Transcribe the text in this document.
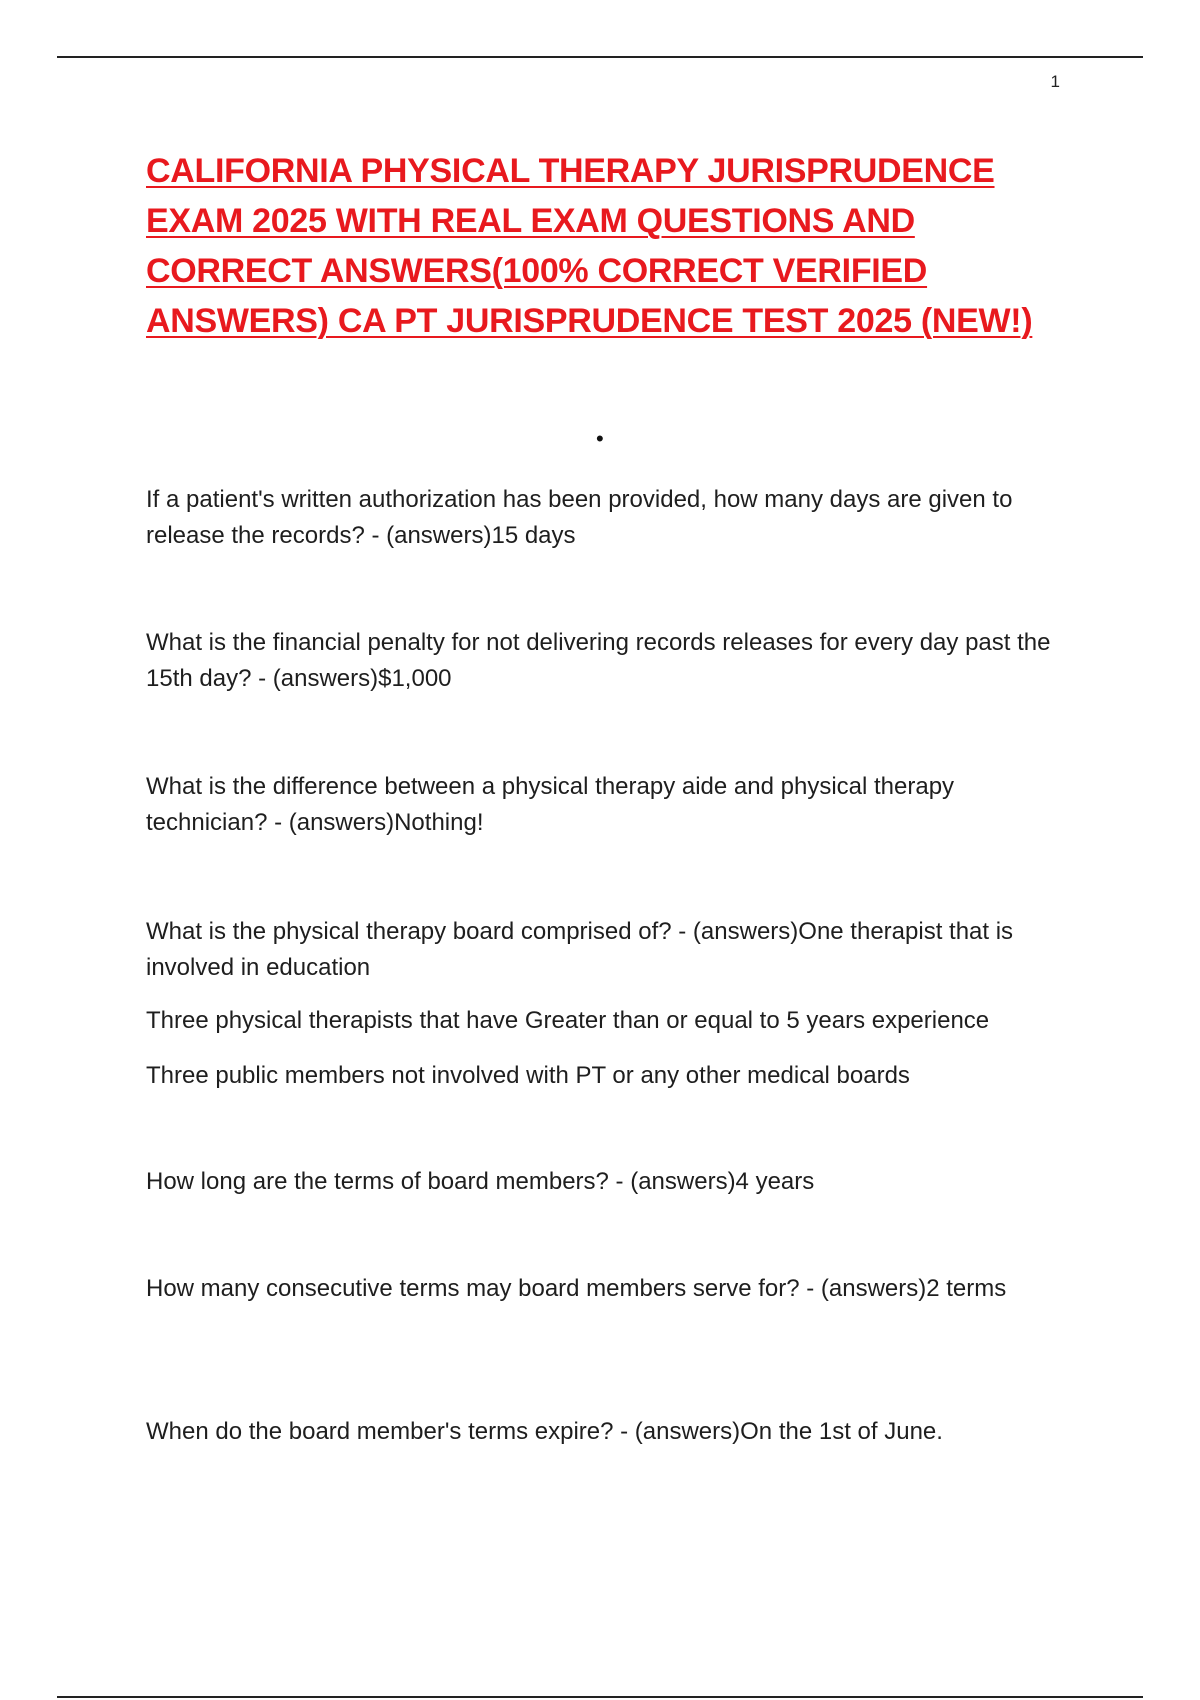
1
CALIFORNIA PHYSICAL THERAPY JURISPRUDENCE EXAM 2025 WITH REAL EXAM QUESTIONS AND CORRECT ANSWERS(100% CORRECT VERIFIED ANSWERS) CA PT JURISPRUDENCE TEST 2025 (NEW!)
•

If a patient's written authorization has been provided, how many days are given to release the records? - (answers)15 days

What is the financial penalty for not delivering records releases for every day past the 15th day? - (answers)$1,000

What is the difference between a physical therapy aide and physical therapy technician? - (answers)Nothing!

What is the physical therapy board comprised of? - (answers)One therapist that is involved in education

Three physical therapists that have Greater than or equal to 5 years experience

Three public members not involved with PT or any other medical boards

How long are the terms of board members? - (answers)4 years

How many consecutive terms may board members serve for? - (answers)2 terms

When do the board member's terms expire? - (answers)On the 1st of June.
